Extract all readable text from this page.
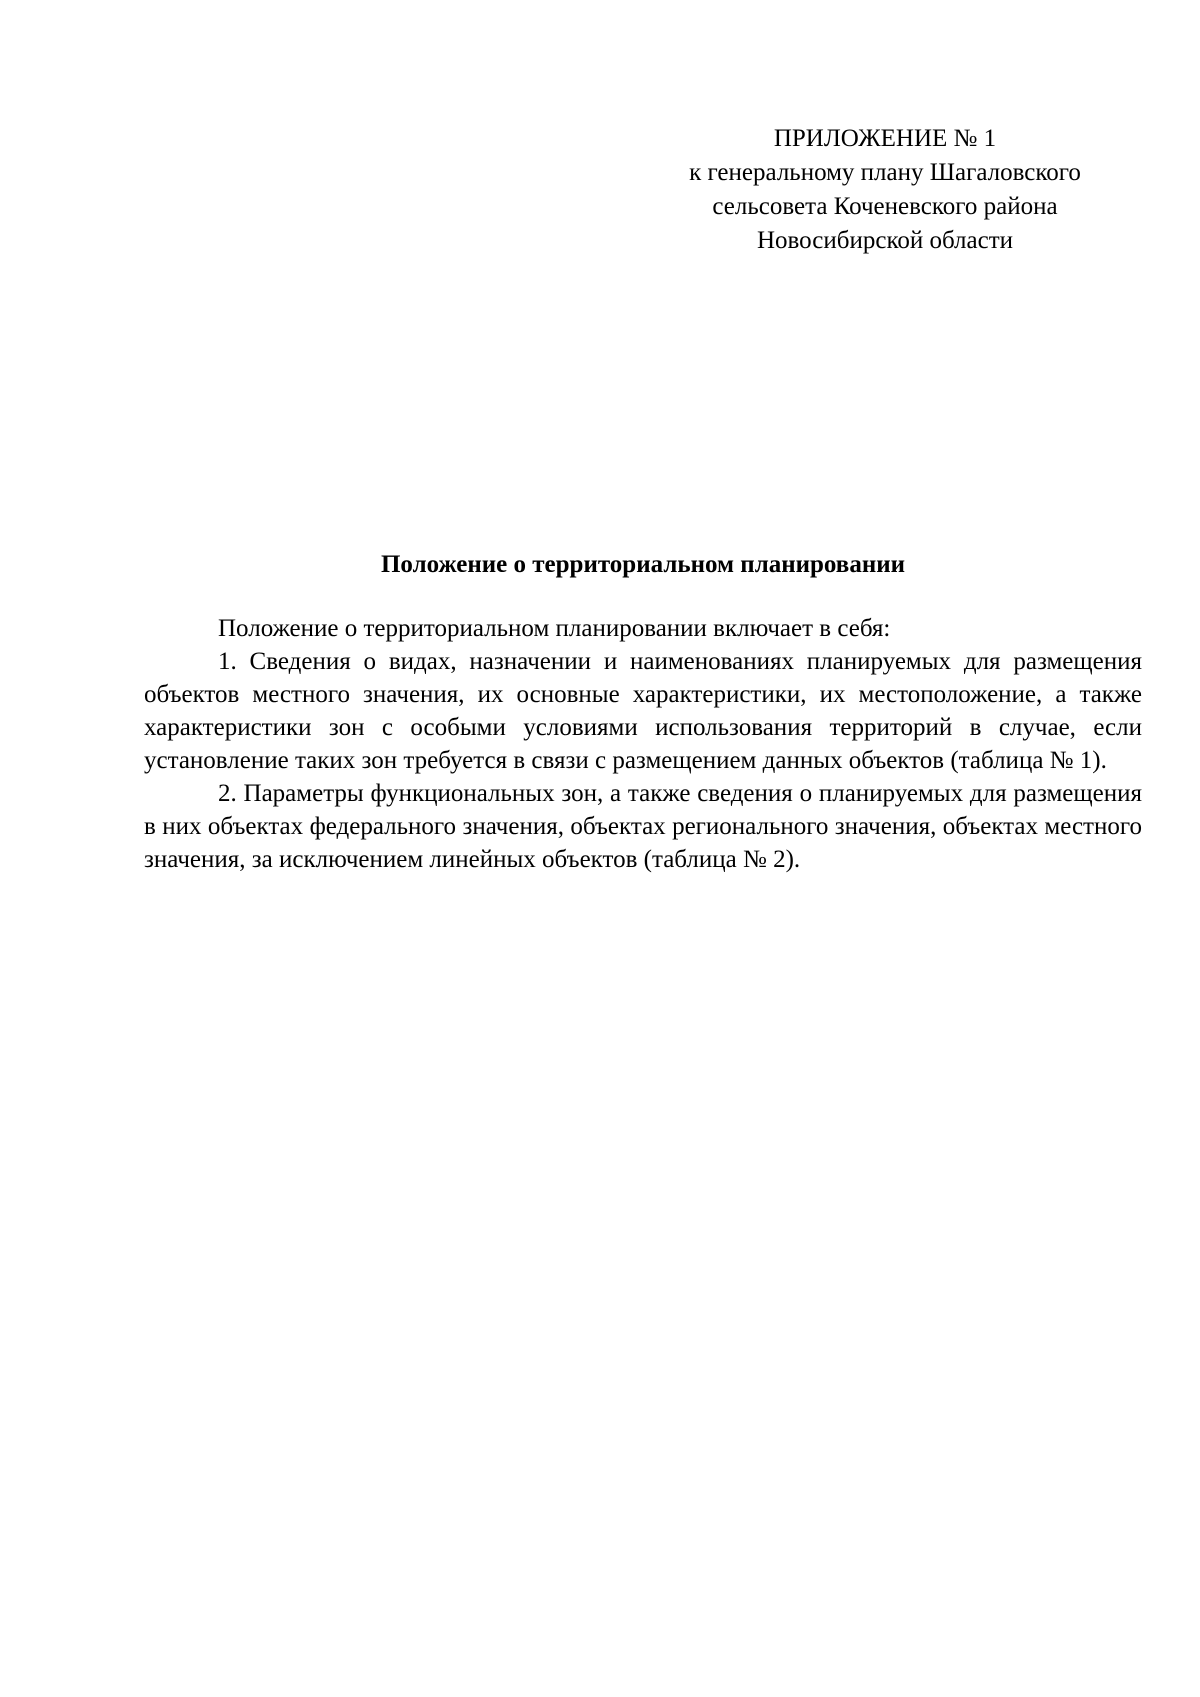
ПРИЛОЖЕНИЕ № 1
к генеральному плану Шагаловского
сельсовета Коченевского района
Новосибирской области
Положение о территориальном планировании

Положение о территориальном планировании включает в себя:

1. Сведения о видах, назначении и наименованиях планируемых для размещения объектов местного значения, их основные характеристики, их местоположение, а также характеристики зон с особыми условиями использования территорий в случае, если установление таких зон требуется в связи с размещением данных объектов (таблица № 1).

2. Параметры функциональных зон, а также сведения о планируемых для размещения в них объектах федерального значения, объектах регионального значения, объектах местного значения, за исключением линейных объектов (таблица № 2).
